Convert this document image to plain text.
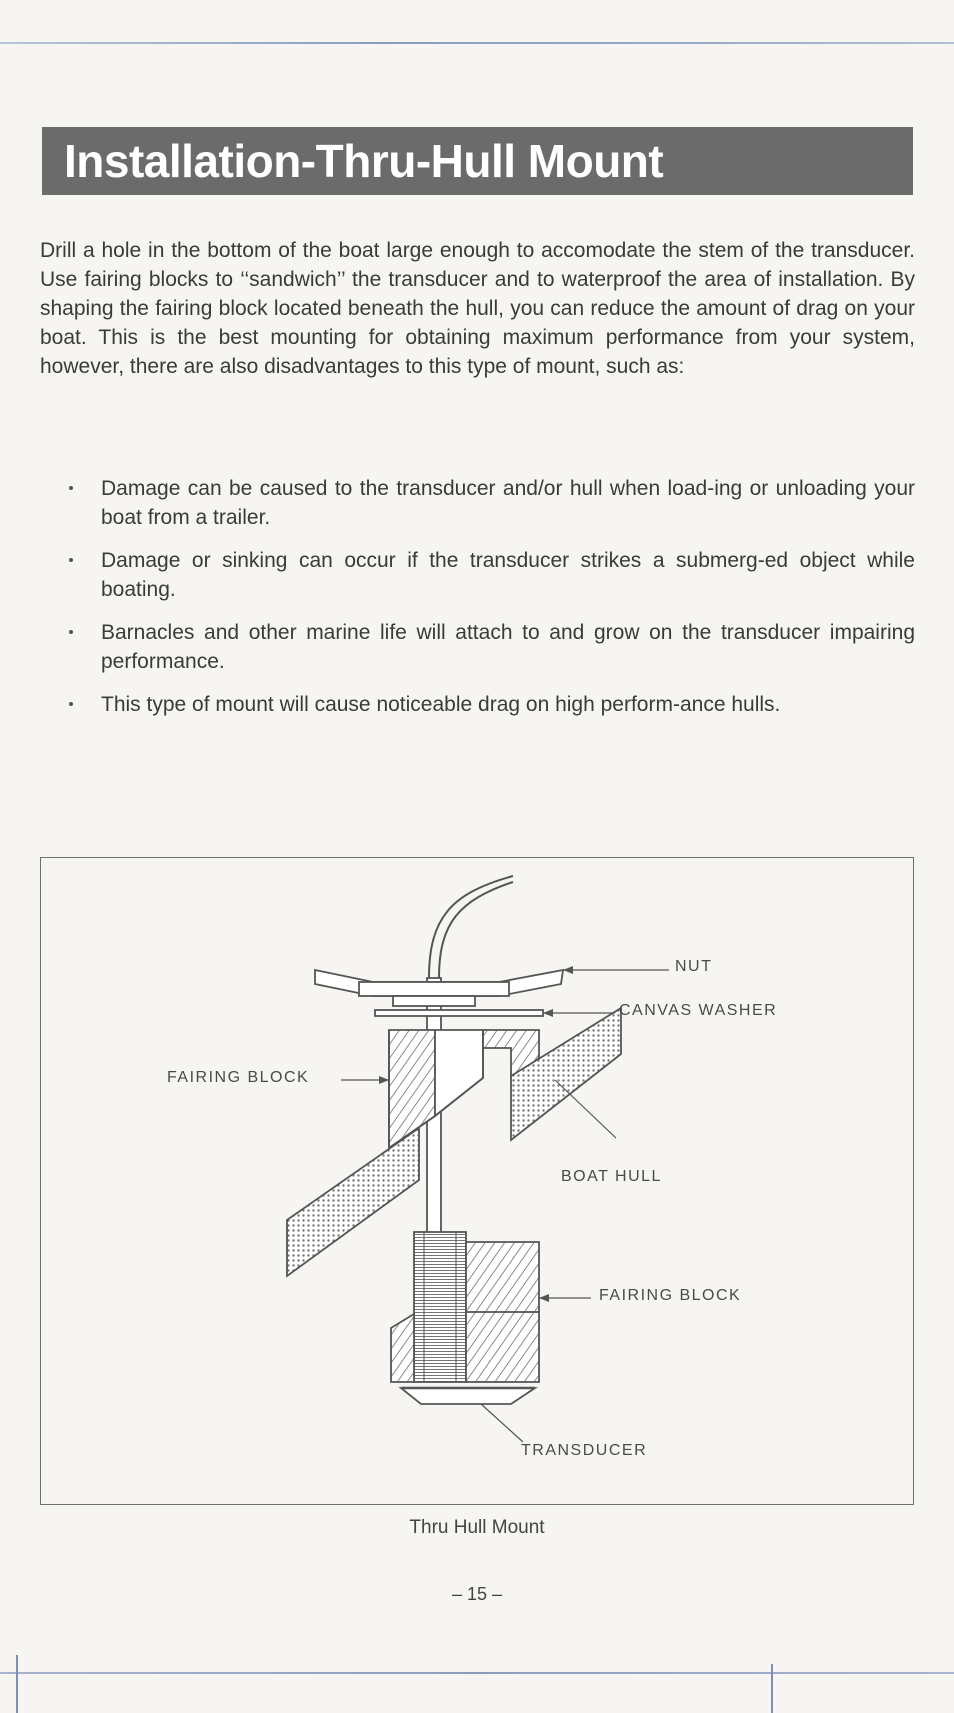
Installation-Thru-Hull Mount

Drill a hole in the bottom of the boat large enough to accomodate the stem of the transducer. Use fairing blocks to ‘‘sandwich’’ the transducer and to waterproof the area of installation. By shaping the fairing block located beneath the hull, you can reduce the amount of drag on your boat. This is the best mounting for obtaining maximum performance from your system, however, there are also disadvantages to this type of mount, such as:

Damage can be caused to the transducer and/or hull when load-ing or unloading your boat from a trailer.
Damage or sinking can occur if the transducer strikes a submerg-ed object while boating.
Barnacles and other marine life will attach to and grow on the transducer impairing performance.
This type of mount will cause noticeable drag on high perform-ance hulls.
NUT
CANVAS WASHER
FAIRING BLOCK
BOAT HULL
FAIRING BLOCK
TRANSDUCER
Thru Hull Mount
– 15 –
